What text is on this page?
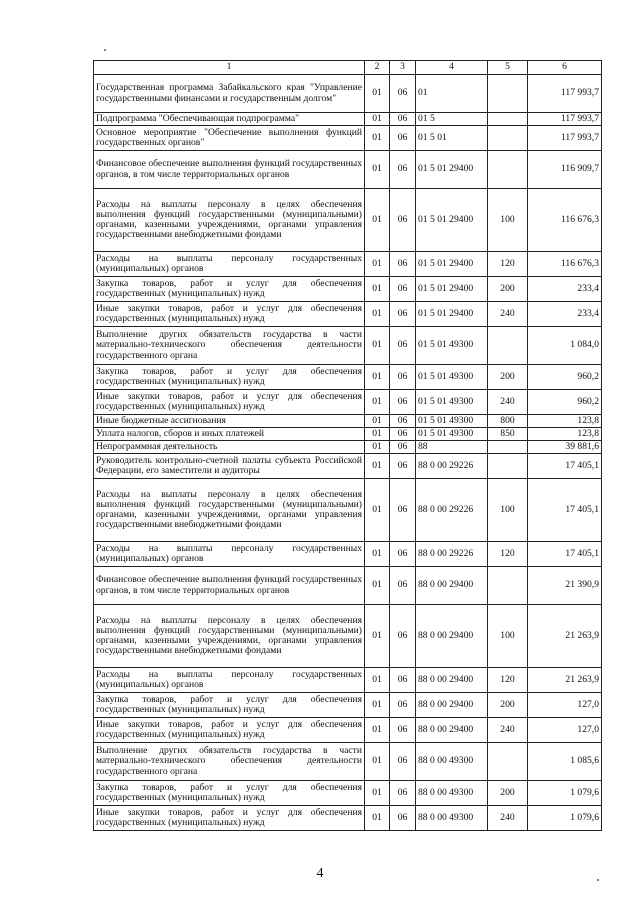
1	2	3	4	5	6
Государственная программа Забайкальского края "Управление государственными финансами и государственным долгом"	01	06	01		117 993,7
Подпрограмма "Обеспечивающая подпрограмма"	01	06	01 5		117 993,7
Основное мероприятие "Обеспечение выполнения функций государственных органов"	01	06	01 5 01		117 993,7
Финансовое обеспечение выполнения функций государственных органов, в том числе территориальных органов	01	06	01 5 01 29400		116 909,7
Расходы на выплаты персоналу в целях обеспечения выполнения функций государственными (муниципальными) органами, казенными учреждениями, органами управления государственными внебюджетными фондами	01	06	01 5 01 29400	100	116 676,3
Расходы на выплаты персоналу государственных (муниципальных) органов	01	06	01 5 01 29400	120	116 676,3
Закупка товаров, работ и услуг для обеспечения государственных (муниципальных) нужд	01	06	01 5 01 29400	200	233,4
Иные закупки товаров, работ и услуг для обеспечения государственных (муниципальных) нужд	01	06	01 5 01 29400	240	233,4
Выполнение других обязательств государства в части материально-технического обеспечения деятельности государственного органа	01	06	01 5 01 49300		1 084,0
Закупка товаров, работ и услуг для обеспечения государственных (муниципальных) нужд	01	06	01 5 01 49300	200	960,2
Иные закупки товаров, работ и услуг для обеспечения государственных (муниципальных) нужд	01	06	01 5 01 49300	240	960,2
Иные бюджетные ассигнования	01	06	01 5 01 49300	800	123,8
Уплата налогов, сборов и иных платежей	01	06	01 5 01 49300	850	123,8
Непрограммная деятельность	01	06	88		39 881,6
Руководитель контрольно-счетной палаты субъекта Российской Федерации, его заместители и аудиторы	01	06	88 0 00 29226		17 405,1
Расходы на выплаты персоналу в целях обеспечения выполнения функций государственными (муниципальными) органами, казенными учреждениями, органами управления государственными внебюджетными фондами	01	06	88 0 00 29226	100	17 405,1
Расходы на выплаты персоналу государственных (муниципальных) органов	01	06	88 0 00 29226	120	17 405,1
Финансовое обеспечение выполнения функций государственных органов, в том числе территориальных органов	01	06	88 0 00 29400		21 390,9
Расходы на выплаты персоналу в целях обеспечения выполнения функций государственными (муниципальными) органами, казенными учреждениями, органами управления государственными внебюджетными фондами	01	06	88 0 00 29400	100	21 263,9
Расходы на выплаты персоналу государственных (муниципальных) органов	01	06	88 0 00 29400	120	21 263,9
Закупка товаров, работ и услуг для обеспечения государственных (муниципальных) нужд	01	06	88 0 00 29400	200	127,0
Иные закупки товаров, работ и услуг для обеспечения государственных (муниципальных) нужд	01	06	88 0 00 29400	240	127,0
Выполнение других обязательств государства в части материально-технического обеспечения деятельности государственного органа	01	06	88 0 00 49300		1 085,6
Закупка товаров, работ и услуг для обеспечения государственных (муниципальных) нужд	01	06	88 0 00 49300	200	1 079,6
Иные закупки товаров, работ и услуг для обеспечения государственных (муниципальных) нужд	01	06	88 0 00 49300	240	1 079,6
4
